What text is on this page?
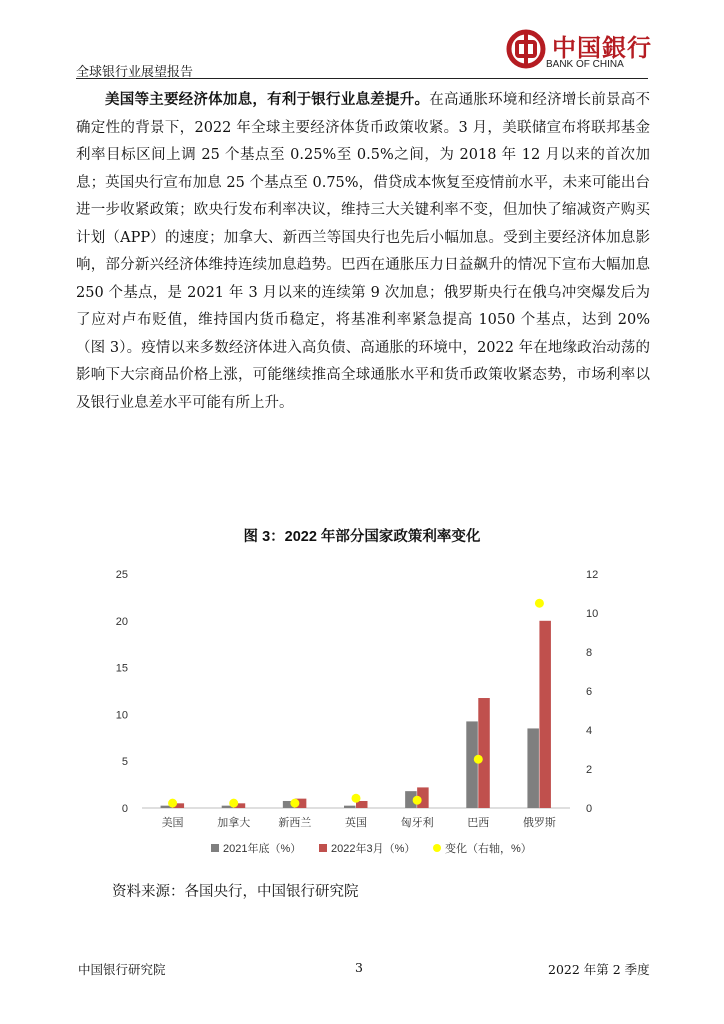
全球银行业展望报告
中国銀行
BANK OF CHINA

美国等主要经济体加息，有利于银行业息差提升。在高通胀环境和经济增长前景高不确定性的背景下，2022 年全球主要经济体货币政策收紧。3 月，美联储宣布将联邦基金利率目标区间上调 25 个基点至 0.25%至 0.5%之间，为 2018 年 12 月以来的首次加息；英国央行宣布加息 25 个基点至 0.75%，借贷成本恢复至疫情前水平，未来可能出台进一步收紧政策；欧央行发布利率决议，维持三大关键利率不变，但加快了缩减资产购买计划（APP）的速度；加拿大、新西兰等国央行也先后小幅加息。受到主要经济体加息影响，部分新兴经济体维持连续加息趋势。巴西在通胀压力日益飙升的情况下宣布大幅加息 250 个基点，是 2021 年 3 月以来的连续第 9 次加息；俄罗斯央行在俄乌冲突爆发后为了应对卢布贬值，维持国内货币稳定，将基准利率紧急提高 1050 个基点，达到 20%（图 3）。疫情以来多数经济体进入高负债、高通胀的环境中，2022 年在地缘政治动荡的影响下大宗商品价格上涨，可能继续推高全球通胀水平和货币政策收紧态势，市场利率以及银行业息差水平可能有所上升。

图 3：2022 年部分国家政策利率变化
0
5
10
15
20
25
0
2
4
6
8
10
12
美国	加拿大	新西兰	英国	匈牙利	巴西	俄罗斯
2021年底（%）	2022年3月（%）	变化（右轴，%）
资料来源：各国央行，中国银行研究院
中国银行研究院	3	2022 年第 2 季度
